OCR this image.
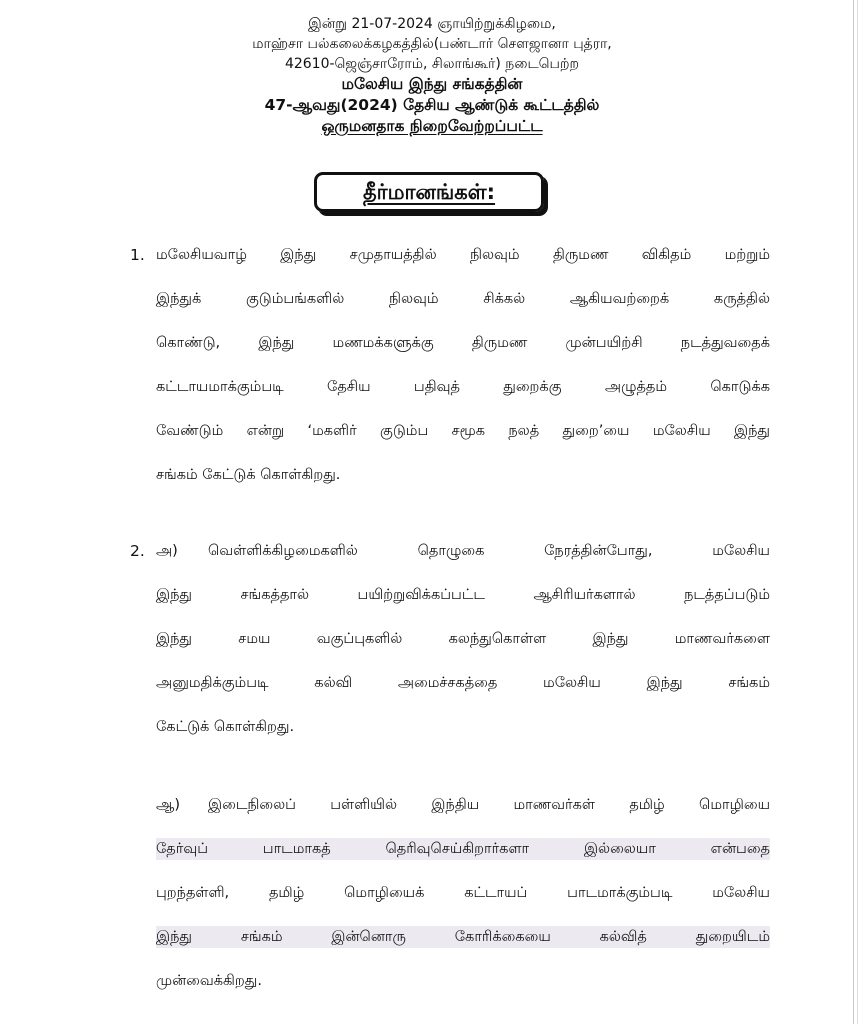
இன்று 21-07-2024 ஞாயிற்றுக்கிழமை,
மாஹ்சா பல்கலைக்கழகத்தில்(பண்டார் சௌஜானா புத்ரா,
42610-ஜெஞ்சாரோம், சிலாங்கூர்) நடைபெற்ற
மலேசிய இந்து சங்கத்தின்
47-ஆவது(2024) தேசிய ஆண்டுக் கூட்டத்தில்
ஒருமனதாக நிறைவேற்றப்பட்ட
தீர்மானங்கள்:
1. மலேசியவாழ் இந்து சமுதாயத்தில் நிலவும் திருமண விகிதம் மற்றும்
இந்துக் குடும்பங்களில் நிலவும் சிக்கல் ஆகியவற்றைக் கருத்தில்
கொண்டு, இந்து மணமக்களுக்கு திருமண முன்பயிற்சி நடத்துவதைக்
கட்டாயமாக்கும்படி தேசிய பதிவுத் துறைக்கு அழுத்தம் கொடுக்க
வேண்டும் என்று ‘மகளிர் குடும்ப சமூக நலத் துறை’யை மலேசிய இந்து
சங்கம் கேட்டுக் கொள்கிறது.
2. அ) வெள்ளிக்கிழமைகளில் தொழுகை நேரத்தின்போது, மலேசிய
இந்து சங்கத்தால் பயிற்றுவிக்கப்பட்ட ஆசிரியர்களால் நடத்தப்படும்
இந்து சமய வகுப்புகளில் கலந்துகொள்ள இந்து மாணவர்களை
அனுமதிக்கும்படி கல்வி அமைச்சகத்தை மலேசிய இந்து சங்கம்
கேட்டுக் கொள்கிறது.
ஆ) இடைநிலைப் பள்ளியில் இந்திய மாணவர்கள் தமிழ் மொழியை
தேர்வுப் பாடமாகத் தெரிவுசெய்கிறார்களா இல்லையா என்பதை
புறந்தள்ளி, தமிழ் மொழியைக் கட்டாயப் பாடமாக்கும்படி மலேசிய
இந்து சங்கம் இன்னொரு கோரிக்கையை கல்வித் துறையிடம்
முன்வைக்கிறது.
